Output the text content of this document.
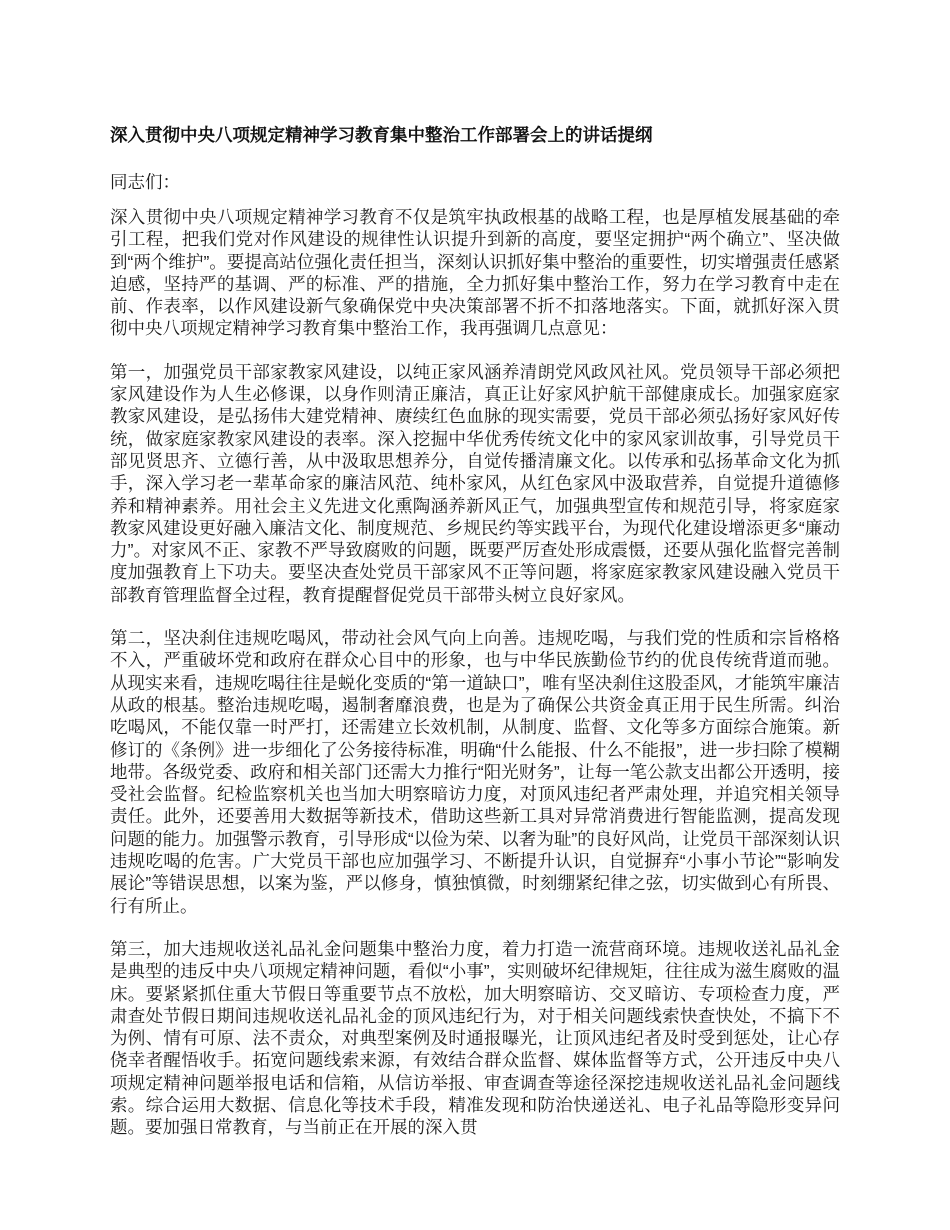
深入贯彻中央八项规定精神学习教育集中整治工作部署会上的讲话提纲

同志们：

深入贯彻中央八项规定精神学习教育不仅是筑牢执政根基的战略工程，也是厚植发展基础的牵引工程，把我们党对作风建设的规律性认识提升到新的高度，要坚定拥护“两个确立”、坚决做到“两个维护”。要提高站位强化责任担当，深刻认识抓好集中整治的重要性，切实增强责任感紧迫感，坚持严的基调、严的标准、严的措施，全力抓好集中整治工作，努力在学习教育中走在前、作表率，以作风建设新气象确保党中央决策部署不折不扣落地落实。下面，就抓好深入贯彻中央八项规定精神学习教育集中整治工作，我再强调几点意见：

第一，加强党员干部家教家风建设，以纯正家风涵养清朗党风政风社风。党员领导干部必须把家风建设作为人生必修课，以身作则清正廉洁，真正让好家风护航干部健康成长。加强家庭家教家风建设，是弘扬伟大建党精神、赓续红色血脉的现实需要，党员干部必须弘扬好家风好传统，做家庭家教家风建设的表率。深入挖掘中华优秀传统文化中的家风家训故事，引导党员干部见贤思齐、立德行善，从中汲取思想养分，自觉传播清廉文化。以传承和弘扬革命文化为抓手，深入学习老一辈革命家的廉洁风范、纯朴家风，从红色家风中汲取营养，自觉提升道德修养和精神素养。用社会主义先进文化熏陶涵养新风正气，加强典型宣传和规范引导，将家庭家教家风建设更好融入廉洁文化、制度规范、乡规民约等实践平台，为现代化建设增添更多“廉动力”。对家风不正、家教不严导致腐败的问题，既要严厉查处形成震慑，还要从强化监督完善制度加强教育上下功夫。要坚决查处党员干部家风不正等问题，将家庭家教家风建设融入党员干部教育管理监督全过程，教育提醒督促党员干部带头树立良好家风。

第二，坚决刹住违规吃喝风，带动社会风气向上向善。违规吃喝，与我们党的性质和宗旨格格不入，严重破坏党和政府在群众心目中的形象，也与中华民族勤俭节约的优良传统背道而驰。从现实来看，违规吃喝往往是蜕化变质的“第一道缺口”，唯有坚决刹住这股歪风，才能筑牢廉洁从政的根基。整治违规吃喝，遏制奢靡浪费，也是为了确保公共资金真正用于民生所需。纠治吃喝风，不能仅靠一时严打，还需建立长效机制，从制度、监督、文化等多方面综合施策。新修订的《条例》进一步细化了公务接待标准，明确“什么能报、什么不能报”，进一步扫除了模糊地带。各级党委、政府和相关部门还需大力推行“阳光财务”，让每一笔公款支出都公开透明，接受社会监督。纪检监察机关也当加大明察暗访力度，对顶风违纪者严肃处理，并追究相关领导责任。此外，还要善用大数据等新技术，借助这些新工具对异常消费进行智能监测，提高发现问题的能力。加强警示教育，引导形成“以俭为荣、以奢为耻”的良好风尚，让党员干部深刻认识违规吃喝的危害。广大党员干部也应加强学习、不断提升认识，自觉摒弃“小事小节论”“影响发展论”等错误思想，以案为鉴，严以修身，慎独慎微，时刻绷紧纪律之弦，切实做到心有所畏、行有所止。

第三，加大违规收送礼品礼金问题集中整治力度，着力打造一流营商环境。违规收送礼品礼金是典型的违反中央八项规定精神问题，看似“小事”，实则破坏纪律规矩，往往成为滋生腐败的温床。要紧紧抓住重大节假日等重要节点不放松，加大明察暗访、交叉暗访、专项检查力度，严肃查处节假日期间违规收送礼品礼金的顶风违纪行为，对于相关问题线索快查快处，不搞下不为例、情有可原、法不责众，对典型案例及时通报曝光，让顶风违纪者及时受到惩处，让心存侥幸者醒悟收手。拓宽问题线索来源，有效结合群众监督、媒体监督等方式，公开违反中央八项规定精神问题举报电话和信箱，从信访举报、审查调查等途径深挖违规收送礼品礼金问题线索。综合运用大数据、信息化等技术手段，精准发现和防治快递送礼、电子礼品等隐形变异问题。要加强日常教育，与当前正在开展的深入贯
